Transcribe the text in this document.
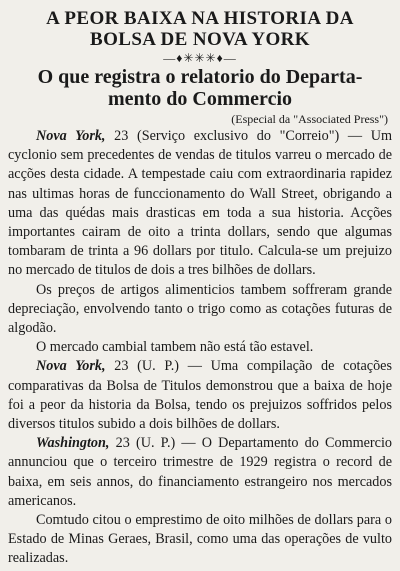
A PEOR BAIXA NA HISTORIA DA
BOLSA DE NOVA YORK
—♦✳✳✳♦—
O que registra o relatorio do Departa-
mento do Commercio
(Especial da "Associated Press")

Nova York, 23 (Serviço exclusivo do "Correio") — Um cyclonio sem precedentes de vendas de titulos varreu o mercado de acções desta cidade. A tempestade caiu com extraordinaria rapidez nas ultimas horas de funccionamento do Wall Street, obrigando a uma das quédas mais drasticas em toda a sua historia. Acções importantes cairam de oito a trinta dollars, sendo que algumas tombaram de trinta a 96 dollars por titulo. Calcula-se um prejuizo no mercado de titulos de dois a tres bilhões de dollars.

Os preços de artigos alimenticios tambem soffreram grande depreciação, envolvendo tanto o trigo como as cotações futuras de algodão.

O mercado cambial tambem não está tão estavel.

Nova York, 23 (U. P.) — Uma compilação de cotações comparativas da Bolsa de Titulos demonstrou que a baixa de hoje foi a peor da historia da Bolsa, tendo os prejuizos soffridos pelos diversos titulos subido a dois bilhões de dollars.

Washington, 23 (U. P.) — O Departamento do Commercio annunciou que o terceiro trimestre de 1929 registra o record de baixa, em seis annos, do financiamento estrangeiro nos mercados americanos.

Comtudo citou o emprestimo de oito milhões de dollars para o Estado de Minas Geraes, Brasil, como uma das operações de vulto realizadas.
